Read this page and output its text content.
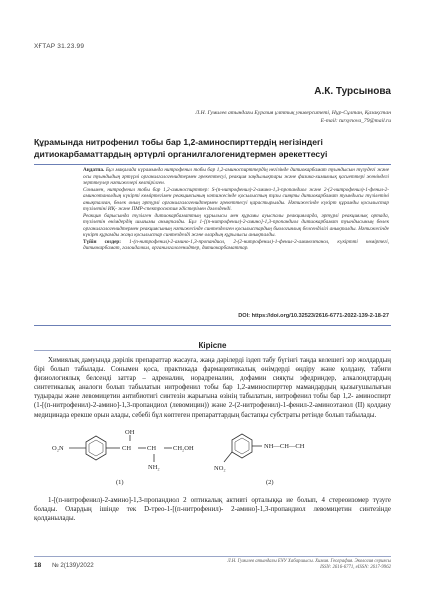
ХҒТАР 31.23.99
А.К. Турсынова
Л.Н. Гумилев атындағы Еуразия ұлттық университеті, Нұр-Сұлтан, Қазақстан
E-mail: tursynova_79@mail.ru
Құрамында нитрофенил тобы бар 1,2-аминоспирттердің негізіндегі
дитиокарбаматтардың әртүрлі органилгалогенидтермен әрекеттесуі
Аңдатпа. Бұл мақалада күрамында нитрофенил тобы бар 1,2-аминоспирттердің негізінде дитиокарбамат туындысын түзудегі және осы туындыдың әртүрлі органилгалогенидтермен әрекеттесуі, реакция заңдылықтары және физика-химиялық қасиеттері жөніндегі зерттеулер нәтижелері келтірілген.
Сонымен, нитрофенил тобы бар 1,2-аминоспирттер: S-(п-нитрофенил)-2-амино-1,3-пропандиол және 2-(2-нитрофенил)-1-фенил-2-аминоэтанолдың күкірті көміртегімен реакциясының нәтижесінде қосылыстың тұзы сияқты дитиокарбамат туындысы түзілетіні анықталған, бөлек оның әртүрлі органилгалогенидтермен әрекеттесуі қарастырылды. Нәтижесінде күкірт құрамды қосылыстар түзілетіні ИҚ- және ПМР-спектроскопия әдістерімен дәлелденді.
Реакция барысында түзілген дитиокарбаматтың құрылысы мен құрамы ауыспалы реакцияларда, әртүрлі реакциялық ортада, түзілетін өнімдердің шығымы анықталды. Бұл 1-[(п-нитрофенил)-2-амино]-1,3-пропандиол дитиокарбамат туындысының бөлек органилгалогенидтермен реакциясының нәтижесінде синтезделген қосылыстардың биологиялық белсенділігі анықталды. Нәтижесінде күкірт құрамды жаңа қосылыстар синтезделді және олардың құрылысы анықталды.
Түйін сөздер: 1-(п-нитрофенил)-2-амино-1,3-пропандиол, 2-(2-нитрофенил)-1-фенил-2-аминоэтанол, күкіртті көміртегі, дитиокарбамат, галоидалкил, органилгалогенидтер, дитиокарбаматтар.
DOI: https://doi.org/10.32523/2616-6771-2022-139-2-18-27
Кіріспе
Химиялық дамуында дәрілік препараттар жасауға, жаңа дәрілерді іздеп табу бүгінгі таңда келешегі зор жолдардың бірі болып табылады. Сонымен қоса, практикада фармацевтикалық өнімдерді өндіру және қолдану, табиғи физиологиялық белсенді заттар – адреналин, норадреналин, дофамин сияқты эфедриндер, алкалоидтардың синтетикалық аналоги болып табылатын нитрофенил тобы бар 1,2-аминоспирттер мамандардың қызығушылығын тудырады және левомицетин антибиотигі синтезін жарығына өзінің табылатын, нитрофенил тобы бар 1,2- аминоспирт (1-[(п-нитрофенил)-2-амино]-1,3-пропандиол (левомицин)) және 2-(2-нитрофенил)-1-фенил-2-аминоэтанол (II) қолдану медицинада ерекше орын алады, себебі бұл көптеген препараттардың бастапқы субстраты ретінде болып табылады.
O₂N	CH CH
OH
NH₂
CH₂OH
(1)
NO₂
NH—CH—CH
(2)
1-[(п-нитрофенил)-2-амино]-1,3-пропандиол 2 оптикалық активті орталыққа ие болып, 4 стереоизомер түзуге болады. Олардың ішінде тек D-трео-1-[(п-нитрофенил)- 2-амино]-1,3-пропандиол левомицетин синтезінде қолданылады.
18 № 2(139)/2022
Л.Н. Гумилев атындағы ЕҰУ Хабаршысы. Химия. География. Экология сериясы
ISSN: 2616-6771, eISSN: 2617-9962
